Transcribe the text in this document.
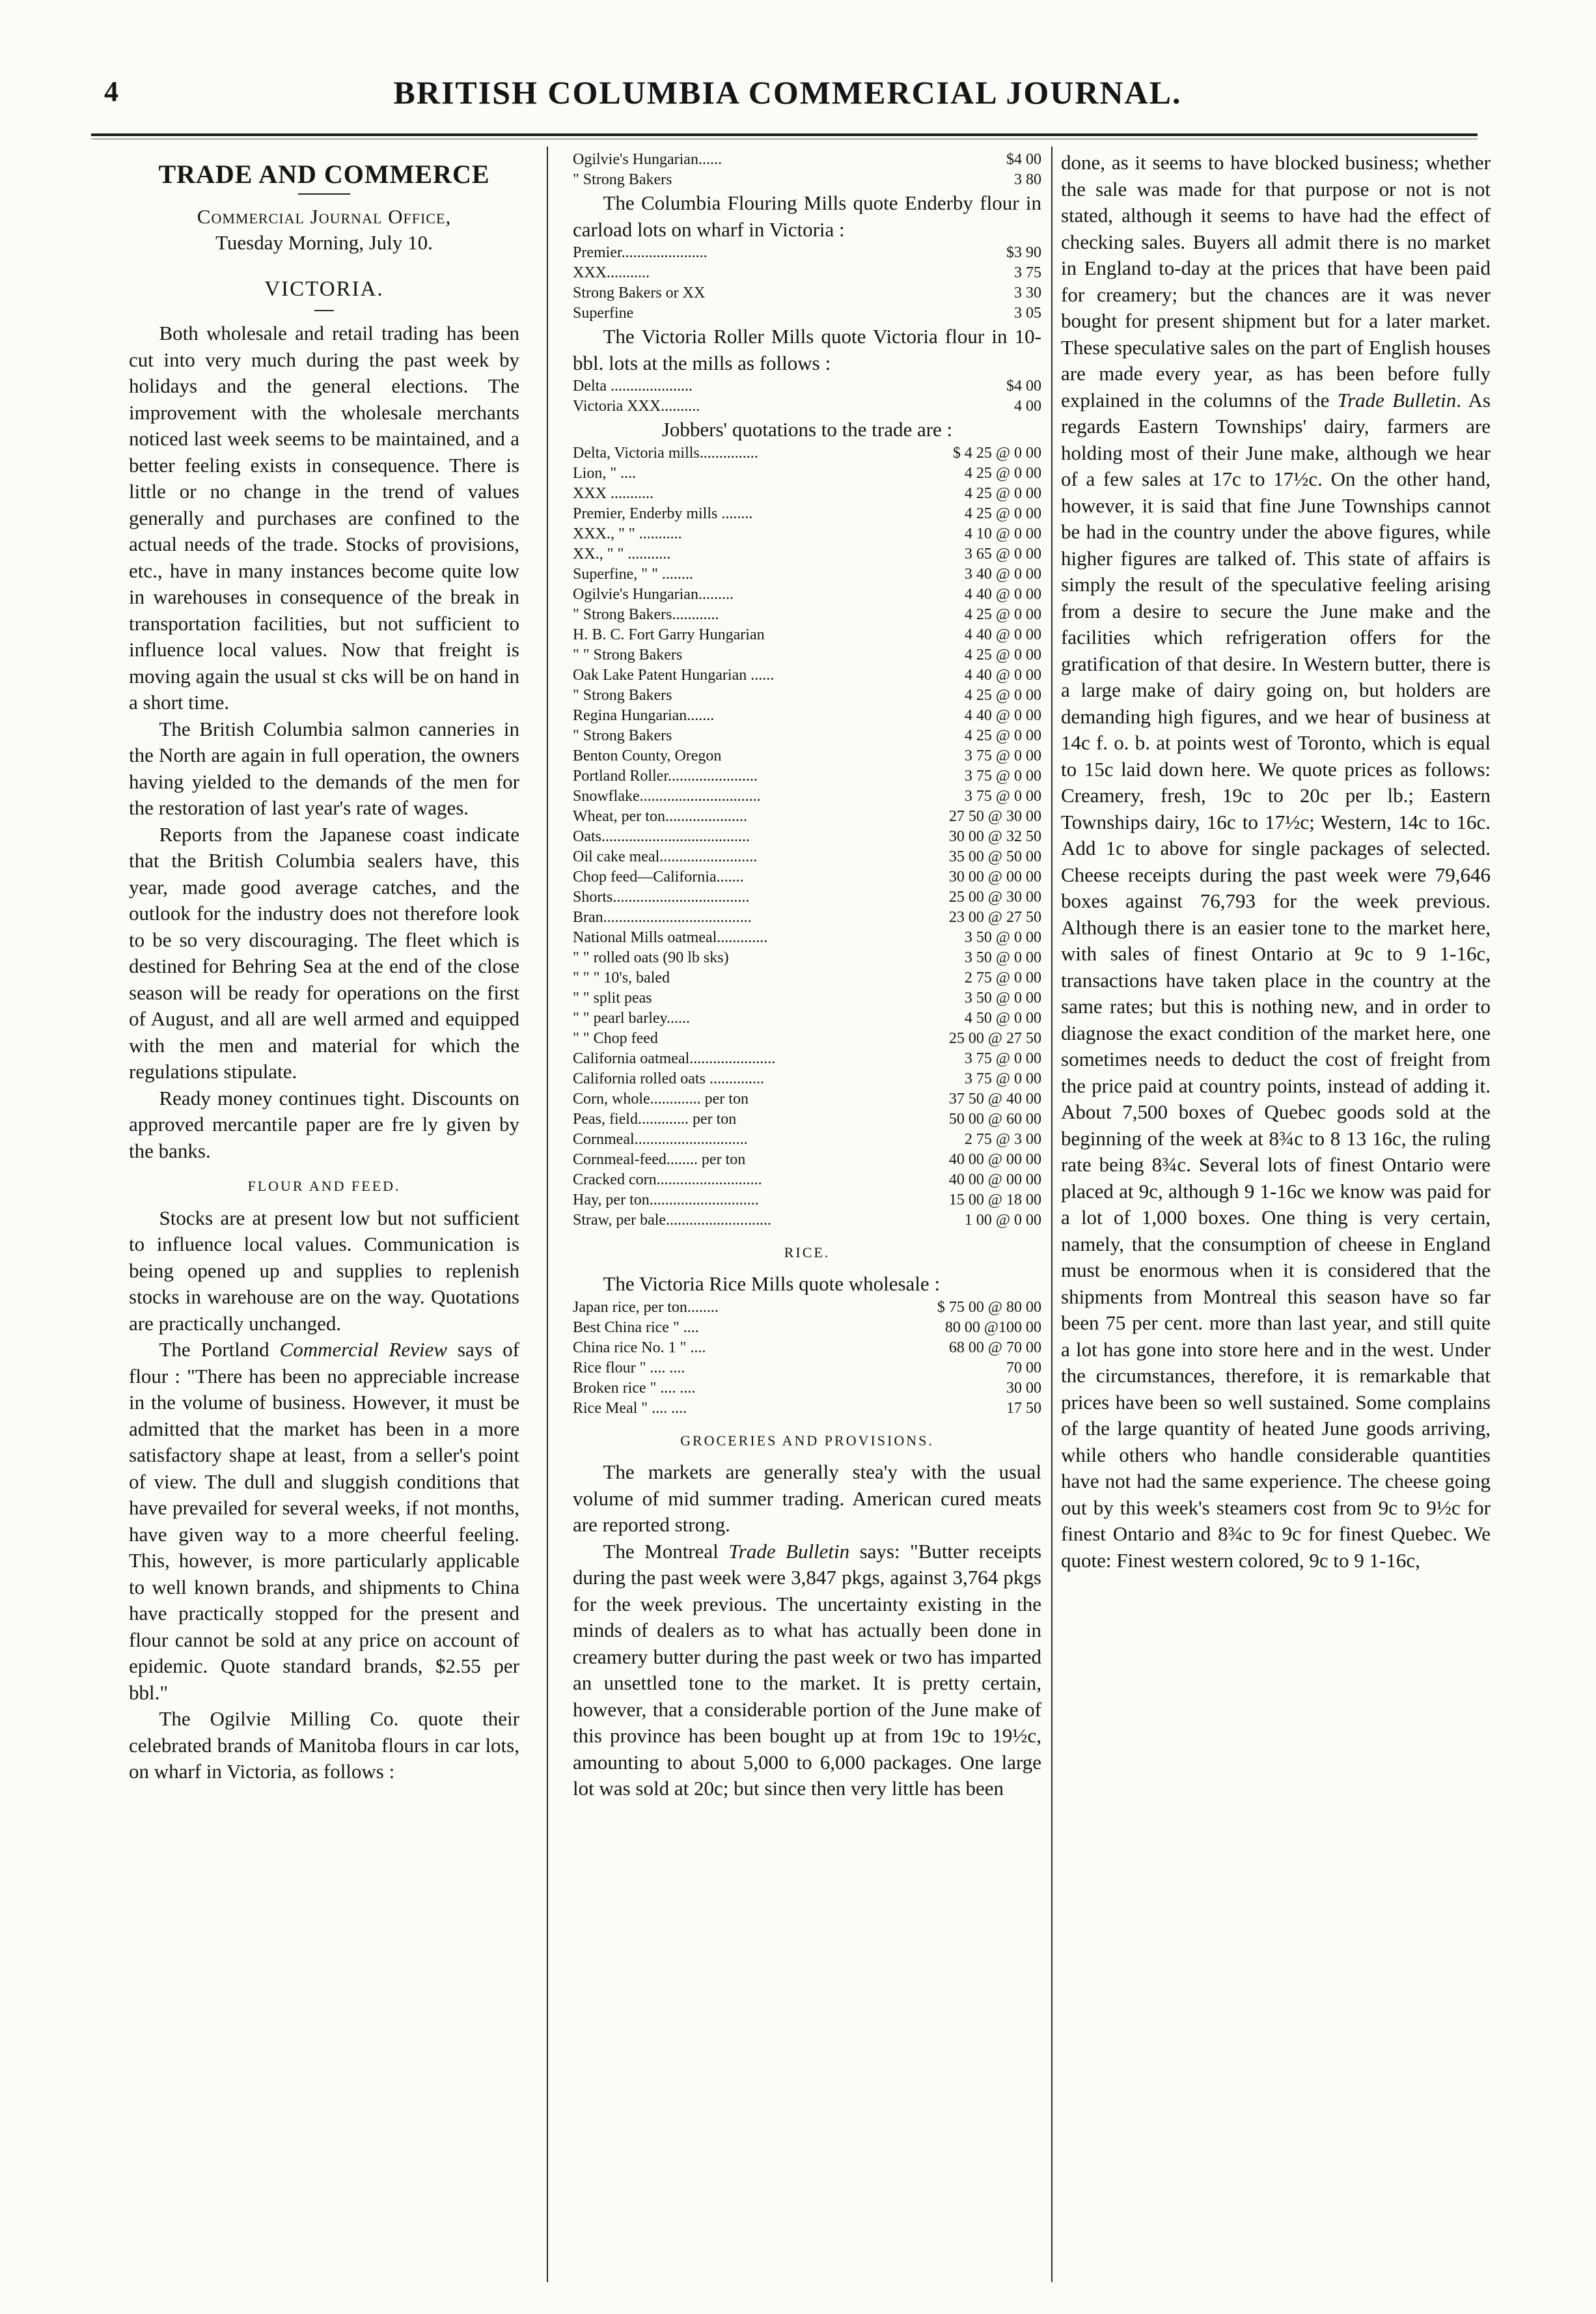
4	BRITISH COLUMBIA COMMERCIAL JOURNAL.

TRADE AND COMMERCE

Commercial Journal Office,

Tuesday Morning, July 10.

VICTORIA.

Both wholesale and retail trading has been cut into very much during the past week by holidays and the general elections. The improvement with the wholesale merchants noticed last week seems to be maintained, and a better feeling exists in consequence. There is little or no change in the trend of values generally and purchases are confined to the actual needs of the trade. Stocks of provisions, etc., have in many instances become quite low in warehouses in consequence of the break in transportation facilities, but not sufficient to influence local values. Now that freight is moving again the usual st cks will be on hand in a short time.

The British Columbia salmon canneries in the North are again in full operation, the owners having yielded to the demands of the men for the restoration of last year's rate of wages.

Reports from the Japanese coast indicate that the British Columbia sealers have, this year, made good average catches, and the outlook for the industry does not therefore look to be so very discouraging. The fleet which is destined for Behring Sea at the end of the close season will be ready for operations on the first of August, and all are well armed and equipped with the men and material for which the regulations stipulate.

Ready money continues tight. Discounts on approved mercantile paper are fre ly given by the banks.

FLOUR AND FEED.

Stocks are at present low but not sufficient to influence local values. Communication is being opened up and supplies to replenish stocks in warehouse are on the way. Quotations are practically unchanged.

The Portland Commercial Review says of flour : "There has been no appreciable increase in the volume of business. However, it must be admitted that the market has been in a more satisfactory shape at least, from a seller's point of view. The dull and sluggish conditions that have prevailed for several weeks, if not months, have given way to a more cheerful feeling. This, however, is more particularly applicable to well known brands, and shipments to China have practically stopped for the present and flour cannot be sold at any price on account of epidemic. Quote standard brands, $2.55 per bbl."

The Ogilvie Milling Co. quote their celebrated brands of Manitoba flours in car lots, on wharf in Victoria, as follows :

Ogilvie's Hungarian......	$4 00
" Strong Bakers	3 80

The Columbia Flouring Mills quote Enderby flour in carload lots on wharf in Victoria :

Premier......................	$3 90
XXX...........	3 75
Strong Bakers or XX	3 30
Superfine	3 05

The Victoria Roller Mills quote Victoria flour in 10-bbl. lots at the mills as follows :

Delta .....................	$4 00
Victoria XXX..........	4 00

Jobbers' quotations to the trade are :

Delta, Victoria mills...............	$ 4 25 @ 0 00
Lion, " ....	4 25 @ 0 00
XXX ...........	4 25 @ 0 00
Premier, Enderby mills ........	4 25 @ 0 00
XXX., " " ...........	4 10 @ 0 00
XX., " " ...........	3 65 @ 0 00
Superfine, " " ........	3 40 @ 0 00
Ogilvie's Hungarian.........	4 40 @ 0 00
" Strong Bakers............	4 25 @ 0 00
H. B. C. Fort Garry Hungarian	4 40 @ 0 00
" " Strong Bakers	4 25 @ 0 00
Oak Lake Patent Hungarian ......	4 40 @ 0 00
" Strong Bakers	4 25 @ 0 00
Regina Hungarian.......	4 40 @ 0 00
" Strong Bakers	4 25 @ 0 00
Benton County, Oregon	3 75 @ 0 00
Portland Roller.......................	3 75 @ 0 00
Snowflake...............................	3 75 @ 0 00
Wheat, per ton.....................	27 50 @ 30 00
Oats......................................	30 00 @ 32 50
Oil cake meal.........................	35 00 @ 50 00
Chop feed—California.......	30 00 @ 00 00
Shorts...................................	25 00 @ 30 00
Bran......................................	23 00 @ 27 50
National Mills oatmeal.............	3 50 @ 0 00
" " rolled oats (90 lb sks)	3 50 @ 0 00
" " " 10's, baled	2 75 @ 0 00
" " split peas	3 50 @ 0 00
" " pearl barley......	4 50 @ 0 00
" " Chop feed	25 00 @ 27 50
California oatmeal......................	3 75 @ 0 00
California rolled oats ..............	3 75 @ 0 00
Corn, whole............. per ton	37 50 @ 40 00
Peas, field............. per ton	50 00 @ 60 00
Cornmeal.............................	2 75 @ 3 00
Cornmeal-feed........ per ton	40 00 @ 00 00
Cracked corn...........................	40 00 @ 00 00
Hay, per ton............................	15 00 @ 18 00
Straw, per bale...........................	1 00 @ 0 00

RICE.

The Victoria Rice Mills quote wholesale :

Japan rice, per ton........	$ 75 00 @ 80 00
Best China rice " ....	80 00 @100 00
China rice No. 1 " ....	68 00 @ 70 00
Rice flour " .... ....	70 00
Broken rice " .... ....	30 00
Rice Meal " .... ....	17 50

GROCERIES AND PROVISIONS.

The markets are generally stea'y with the usual volume of mid summer trading. American cured meats are reported strong.

The Montreal Trade Bulletin says: "Butter receipts during the past week were 3,847 pkgs, against 3,764 pkgs for the week previous. The uncertainty existing in the minds of dealers as to what has actually been done in creamery butter during the past week or two has imparted an unsettled tone to the market. It is pretty certain, however, that a considerable portion of the June make of this province has been bought up at from 19c to 19½c, amounting to about 5,000 to 6,000 packages. One large lot was sold at 20c; but since then very little has been

done, as it seems to have blocked business; whether the sale was made for that purpose or not is not stated, although it seems to have had the effect of checking sales. Buyers all admit there is no market in England to-day at the prices that have been paid for creamery; but the chances are it was never bought for present shipment but for a later market. These speculative sales on the part of English houses are made every year, as has been before fully explained in the columns of the Trade Bulletin. As regards Eastern Townships' dairy, farmers are holding most of their June make, although we hear of a few sales at 17c to 17½c. On the other hand, however, it is said that fine June Townships cannot be had in the country under the above figures, while higher figures are talked of. This state of affairs is simply the result of the speculative feeling arising from a desire to secure the June make and the facilities which refrigeration offers for the gratification of that desire. In Western butter, there is a large make of dairy going on, but holders are demanding high figures, and we hear of business at 14c f. o. b. at points west of Toronto, which is equal to 15c laid down here. We quote prices as follows: Creamery, fresh, 19c to 20c per lb.; Eastern Townships dairy, 16c to 17½c; Western, 14c to 16c. Add 1c to above for single packages of selected. Cheese receipts during the past week were 79,646 boxes against 76,793 for the week previous. Although there is an easier tone to the market here, with sales of finest Ontario at 9c to 9 1-16c, transactions have taken place in the country at the same rates; but this is nothing new, and in order to diagnose the exact condition of the market here, one sometimes needs to deduct the cost of freight from the price paid at country points, instead of adding it. About 7,500 boxes of Quebec goods sold at the beginning of the week at 8¾c to 8 13 16c, the ruling rate being 8¾c. Several lots of finest Ontario were placed at 9c, although 9 1-16c we know was paid for a lot of 1,000 boxes. One thing is very certain, namely, that the consumption of cheese in England must be enormous when it is considered that the shipments from Montreal this season have so far been 75 per cent. more than last year, and still quite a lot has gone into store here and in the west. Under the circumstances, therefore, it is remarkable that prices have been so well sustained. Some complains of the large quantity of heated June goods arriving, while others who handle considerable quantities have not had the same experience. The cheese going out by this week's steamers cost from 9c to 9½c for finest Ontario and 8¾c to 9c for finest Quebec. We quote: Finest western colored, 9c to 9 1-16c,
